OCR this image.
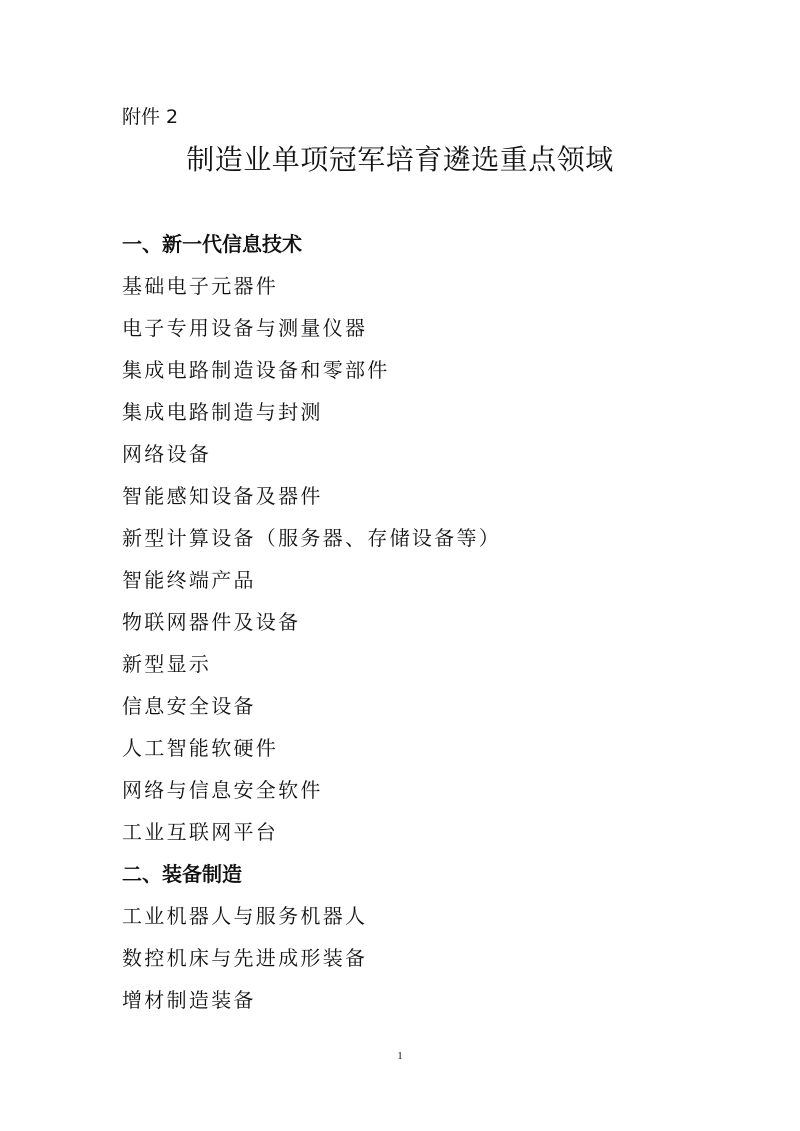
附件 2
制造业单项冠军培育遴选重点领域
一、新一代信息技术
基础电子元器件
电子专用设备与测量仪器
集成电路制造设备和零部件
集成电路制造与封测
网络设备
智能感知设备及器件
新型计算设备（服务器、存储设备等）
智能终端产品
物联网器件及设备
新型显示
信息安全设备
人工智能软硬件
网络与信息安全软件
工业互联网平台
二、装备制造
工业机器人与服务机器人
数控机床与先进成形装备
增材制造装备
1
